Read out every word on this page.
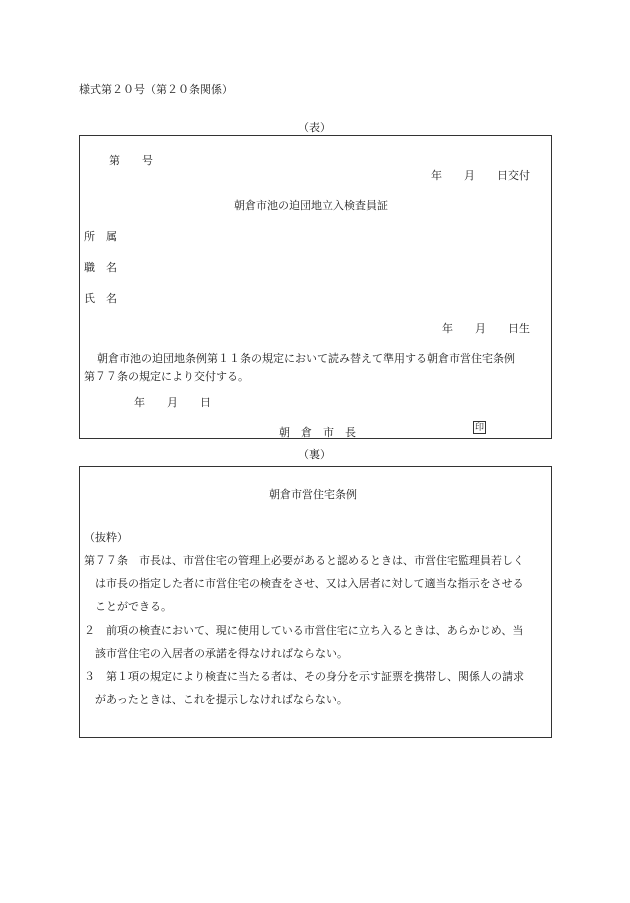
様式第２０号（第２０条関係）
（表）
第　　号
年　　月　　日交付
朝倉市池の迫団地立入検査員証
所　属
職　名
氏　名
年　　月　　日生
朝倉市池の迫団地条例第１１条の規定において読み替えて準用する朝倉市営住宅条例
第７７条の規定により交付する。
年　　月　　日
朝　倉　市　長	印
（裏）
朝倉市営住宅条例
（抜粋）
第７７条　市長は、市営住宅の管理上必要があると認めるときは、市営住宅監理員若しく
は市長の指定した者に市営住宅の検査をさせ、又は入居者に対して適当な指示をさせる
ことができる。
２　前項の検査において、現に使用している市営住宅に立ち入るときは、あらかじめ、当
該市営住宅の入居者の承諾を得なければならない。
３　第１項の規定により検査に当たる者は、その身分を示す証票を携帯し、関係人の請求
があったときは、これを提示しなければならない。
